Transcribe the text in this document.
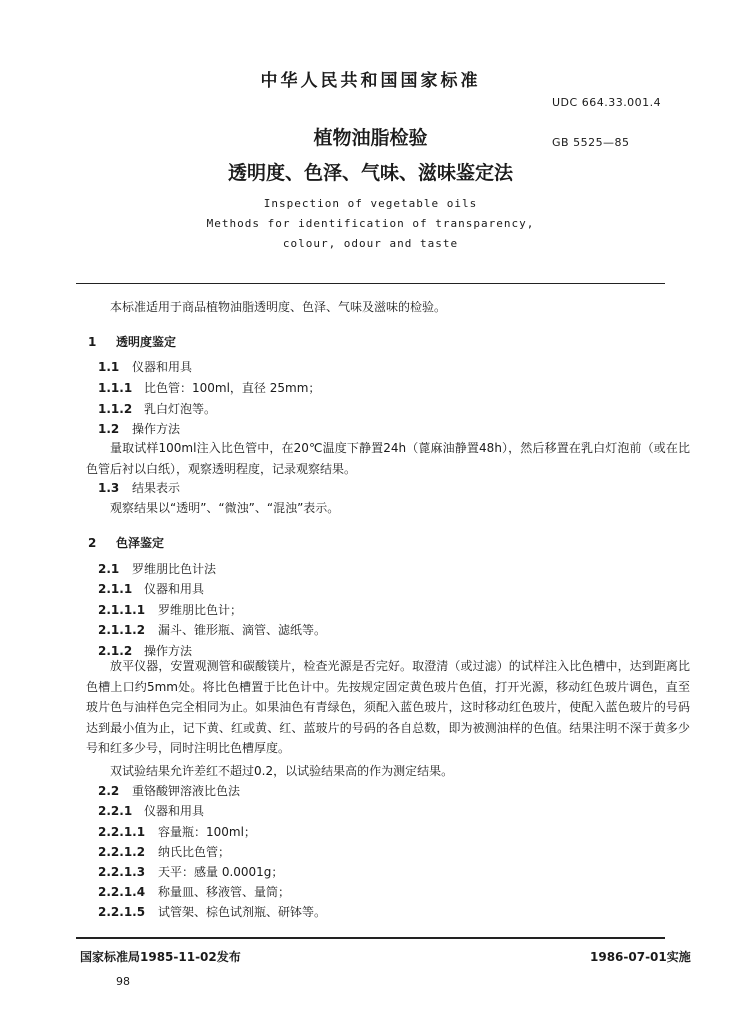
中华人民共和国国家标准
UDC 664.33.001.4
GB 5525—85
植物油脂检验
透明度、色泽、气味、滋味鉴定法
Inspection of vegetable oils
Methods for identification of transparency,
colour, odour and taste
本标准适用于商品植物油脂透明度、色泽、气味及滋味的检验。
1 透明度鉴定
1.1 仪器和用具
1.1.1 比色管：100ml，直径 25mm；
1.1.2 乳白灯泡等。
1.2 操作方法
量取试样100ml注入比色管中，在20℃温度下静置24h（蓖麻油静置48h），然后移置在乳白灯泡前（或在比色管后衬以白纸），观察透明程度，记录观察结果。
1.3 结果表示
观察结果以“透明”、“微浊”、“混浊”表示。
2 色泽鉴定
2.1 罗维朋比色计法
2.1.1 仪器和用具
2.1.1.1 罗维朋比色计；
2.1.1.2 漏斗、锥形瓶、滴管、滤纸等。
2.1.2 操作方法
放平仪器，安置观测管和碳酸镁片，检查光源是否完好。取澄清（或过滤）的试样注入比色槽中，达到距离比色槽上口约5mm处。将比色槽置于比色计中。先按规定固定黄色玻片色值，打开光源，移动红色玻片调色，直至玻片色与油样色完全相同为止。如果油色有青绿色，须配入蓝色玻片，这时移动红色玻片，使配入蓝色玻片的号码达到最小值为止，记下黄、红或黄、红、蓝玻片的号码的各自总数，即为被测油样的色值。结果注明不深于黄多少号和红多少号，同时注明比色槽厚度。
双试验结果允许差红不超过0.2，以试验结果高的作为测定结果。
2.2 重铬酸钾溶液比色法
2.2.1 仪器和用具
2.2.1.1 容量瓶：100ml；
2.2.1.2 纳氏比色管；
2.2.1.3 天平：感量 0.0001g；
2.2.1.4 称量皿、移液管、量筒；
2.2.1.5 试管架、棕色试剂瓶、研钵等。
国家标准局1985-11-02发布	1986-07-01实施
98
